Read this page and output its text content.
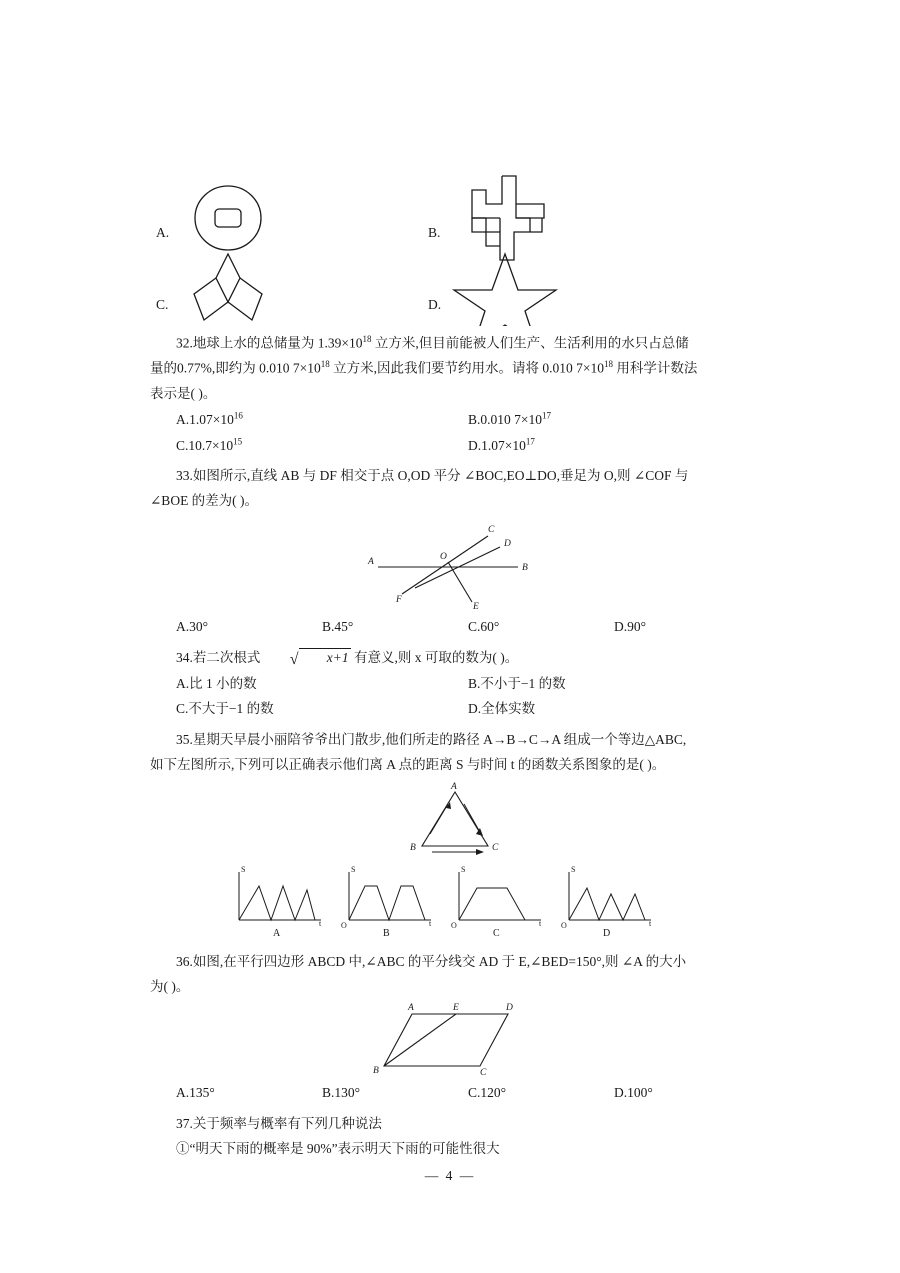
A.	B.
C.	D.

32.地球上水的总储量为 $1.39\times 10^{18}$ 立方米,但目前能被人们生产、生活利用的水只占总储

量的0.77%,即约为 0.010 $7\times 10^{18}$ 立方米,因此我们要节约用水。请将 0.010 $7\times 10^{18}$ 用科学计数法

表示是( )。

$A.1.07\times 10^{16}$	B.0.010 $7\times 10^{17}$
$C.10.7\times 10^{15}$	$D.1.07\times 10^{17}$

33.如图所示,直线 AB 与 DF 相交于点 O,OD 平分 ∠BOC,EO⊥DO,垂足为 O,则 ∠COF 与

∠BOE 的差为( )。

A
B
C
D
E
F
O
A.30°	B.45°	C.60°	D.90°

34.若二次根式	√ x+1 有意义,则 x 可取的数为( )。

A.比 1 小的数	B.不小于−1 的数
C.不大于−1 的数	D.全体实数

35.星期天早晨小丽陪爷爷出门散步,他们所走的路径 A→B→C→A 组成一个等边△ABC,

如下左图所示,下列可以正确表示他们离 A 点的距离 S 与时间 t 的函数关系图象的是( )。

A
B	C
S
t
A
S
t
O
B
S
t
O
C
S
t
O
D

36.如图,在平行四边形 ABCD 中,∠ABC 的平分线交 AD 于 E,∠BED=150°,则 ∠A 的大小

为( )。

A	E	D
B	C
A.135°	B.130°	C.120°	D.100°

37.关于频率与概率有下列几种说法

①“明天下雨的概率是 90%”表示明天下雨的可能性很大

— 4 —
